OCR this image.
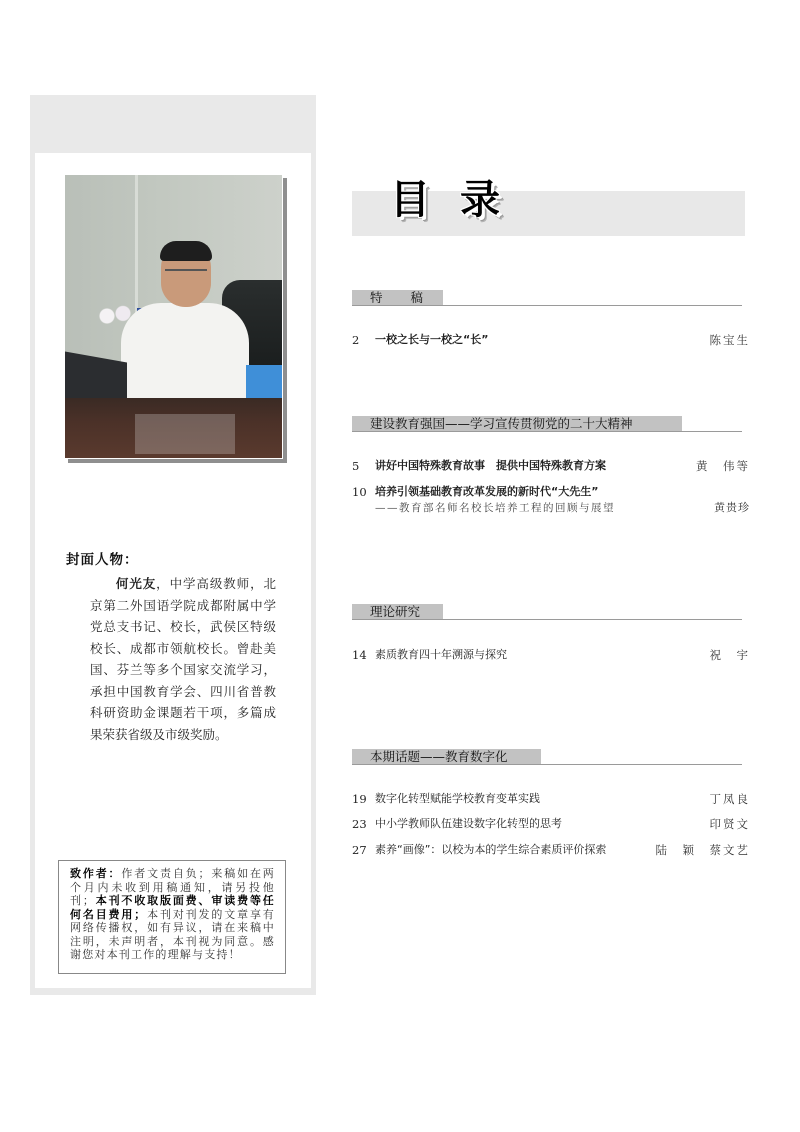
封面人物：
何光友，中学高级教师，北京第二外国语学院成都附属中学党总支书记、校长，武侯区特级校长、成都市领航校长。曾赴美国、芬兰等多个国家交流学习，承担中国教育学会、四川省普教科研资助金课题若干项，多篇成果荣获省级及市级奖励。
致作者：作者文责自负；来稿如在两个月内未收到用稿通知，请另投他刊；本刊不收取版面费、审读费等任何名目费用；本刊对刊发的文章享有网络传播权，如有异议，请在来稿中注明，未声明者，本刊视为同意。感谢您对本刊工作的理解与支持！
目录
特　　稿
2	一校之长与一校之“长”	陈宝生
建设教育强国——学习宣传贯彻党的二十大精神
5	讲好中国特殊教育故事　提供中国特殊教育方案	黄　伟等
10 培养引领基础教育改革发展的新时代“大先生”
——教育部名师名校长培养工程的回顾与展望	黄贵珍
理论研究
14 素质教育四十年溯源与探究	祝　宇
本期话题——教育数字化
19 数字化转型赋能学校教育变革实践	丁凤良
23 中小学教师队伍建设数字化转型的思考	印贤文
27 素养“画像”：以校为本的学生综合素质评价探索	陆　颖　蔡文艺
